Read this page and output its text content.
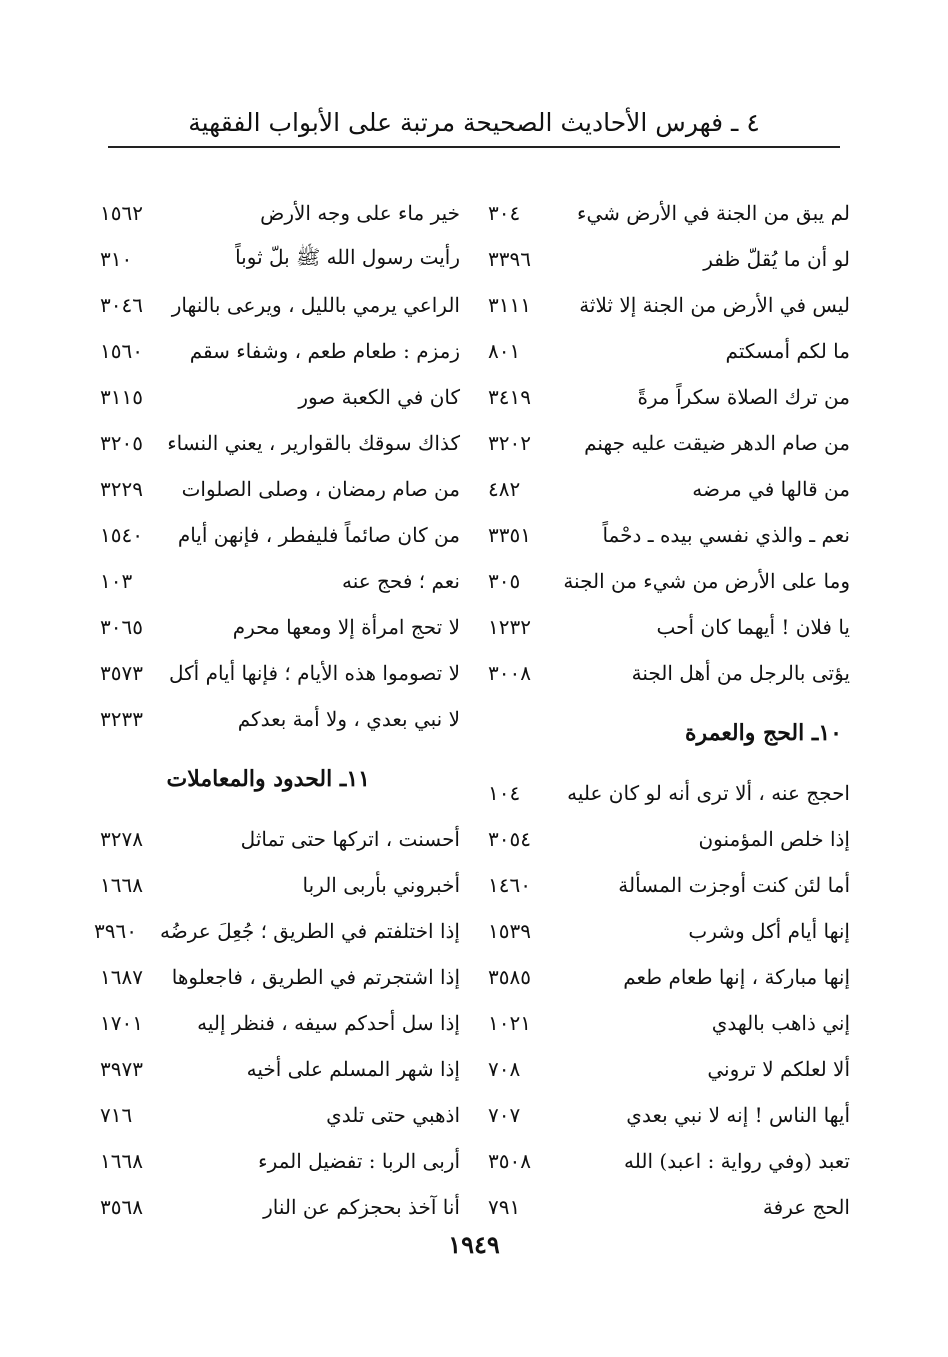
٤ ـ فهرس الأحاديث الصحيحة مرتبة على الأبواب الفقهية
لم يبق من الجنة في الأرض شيء
٣٠٤
لو أن ما يُقلّ ظفر
٣٣٩٦
ليس في الأرض من الجنة إلا ثلاثة
٣١١١
ما لكم أمسكتم
٨٠١
من ترك الصلاة سكراً مرةً
٣٤١٩
من صام الدهر ضيقت عليه جهنم
٣٢٠٢
من قالها في مرضه
٤٨٢
نعم ـ والذي نفسي بيده ـ دحْماً
٣٣٥١
وما على الأرض من شيء من الجنة
٣٠٥
يا فلان ! أيهما كان أحب
١٢٣٢
يؤتى بالرجل من أهل الجنة
٣٠٠٨
١٠ـ الحج والعمرة
احجج عنه ، ألا ترى أنه لو كان عليه
١٠٤
إذا خلص المؤمنون
٣٠٥٤
أما لئن كنت أوجزت المسألة
١٤٦٠
إنها أيام أكل وشرب
١٥٣٩
إنها مباركة ، إنها طعام طعم
٣٥٨٥
إني ذاهب بالهدي
١٠٢١
ألا لعلكم لا تروني
٧٠٨
أيها الناس ! إنه لا نبي بعدي
٧٠٧
تعبد (وفي رواية : اعبد) الله
٣٥٠٨
الحج عرفة
٧٩١
خير ماء على وجه الأرض
١٥٦٢
رأيت رسول الله ﷺ بلّ ثوباً
٣١٠
الراعي يرمي بالليل ، ويرعى بالنهار
٣٠٤٦
زمزم : طعام طعم ، وشفاء سقم
١٥٦٠
كان في الكعبة صور
٣١١٥
كذاك سوقك بالقوارير ، يعني النساء
٣٢٠٥
من صام رمضان ، وصلى الصلوات
٣٢٢٩
من كان صائماً فليفطر ، فإنهن أيام
١٥٤٠
نعم ؛ فحج عنه
١٠٣
لا تحج امرأة إلا ومعها محرم
٣٠٦٥
لا تصوموا هذه الأيام ؛ فإنها أيام أكل
٣٥٧٣
لا نبي بعدي ، ولا أمة بعدكم
٣٢٣٣
١١ـ الحدود والمعاملات
أحسنت ، اتركها حتى تماثل
٣٢٧٨
أخبروني بأربى الربا
١٦٦٨
إذا اختلفتم في الطريق ؛ جُعِلَ عرضُه
٣٩٦٠
إذا اشتجرتم في الطريق ، فاجعلوها
١٦٨٧
إذا سل أحدكم سيفه ، فنظر إليه
١٧٠١
إذا شهر المسلم على أخيه
٣٩٧٣
اذهبي حتى تلدي
٧١٦
أربى الربا : تفضيل المرء
١٦٦٨
أنا آخذ بحجزكم عن النار
٣٥٦٨
١٩٤٩
